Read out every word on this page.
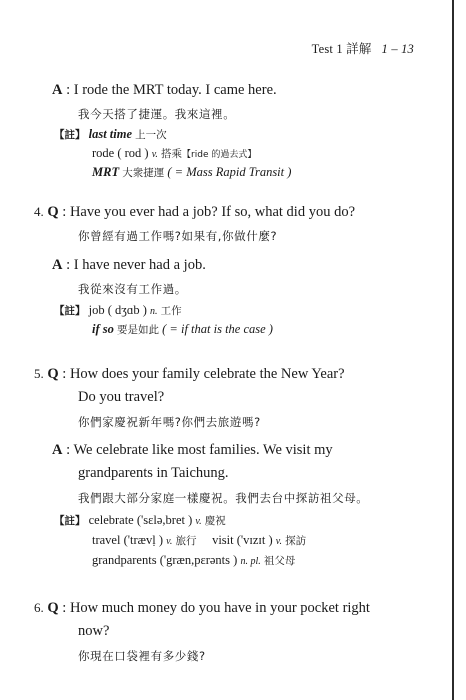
Test 1 詳解 1 – 13
A : I rode the MRT today. I came here.
我今天搭了捷運。我來這裡。
【註】 last time 上一次
rode ( rod ) v. 搭乘【ride 的過去式】
MRT 大衆捷運 ( = Mass Rapid Transit )
4. Q : Have you ever had a job? If so, what did you do?
你曾經有過工作嗎?如果有,你做什麼?
A : I have never had a job.
我從來沒有工作過。
【註】 job ( dʒɑb ) n. 工作
if so 要是如此 ( = if that is the case )
5. Q : How does your family celebrate the New Year?
Do you travel?
你們家慶祝新年嗎?你們去旅遊嗎?
A : We celebrate like most families. We visit my
grandparents in Taichung.
我們跟大部分家庭一樣慶祝。我們去台中探訪祖父母。
【註】 celebrate ('sɛlə,bret ) v. 慶祝
travel ('trævḷ ) v. 旅行 visit ('vɪzɪt ) v. 探訪
grandparents ('græn,pɛrənts ) n. pl. 祖父母
6. Q : How much money do you have in your pocket right
now?
你現在口袋裡有多少錢?
